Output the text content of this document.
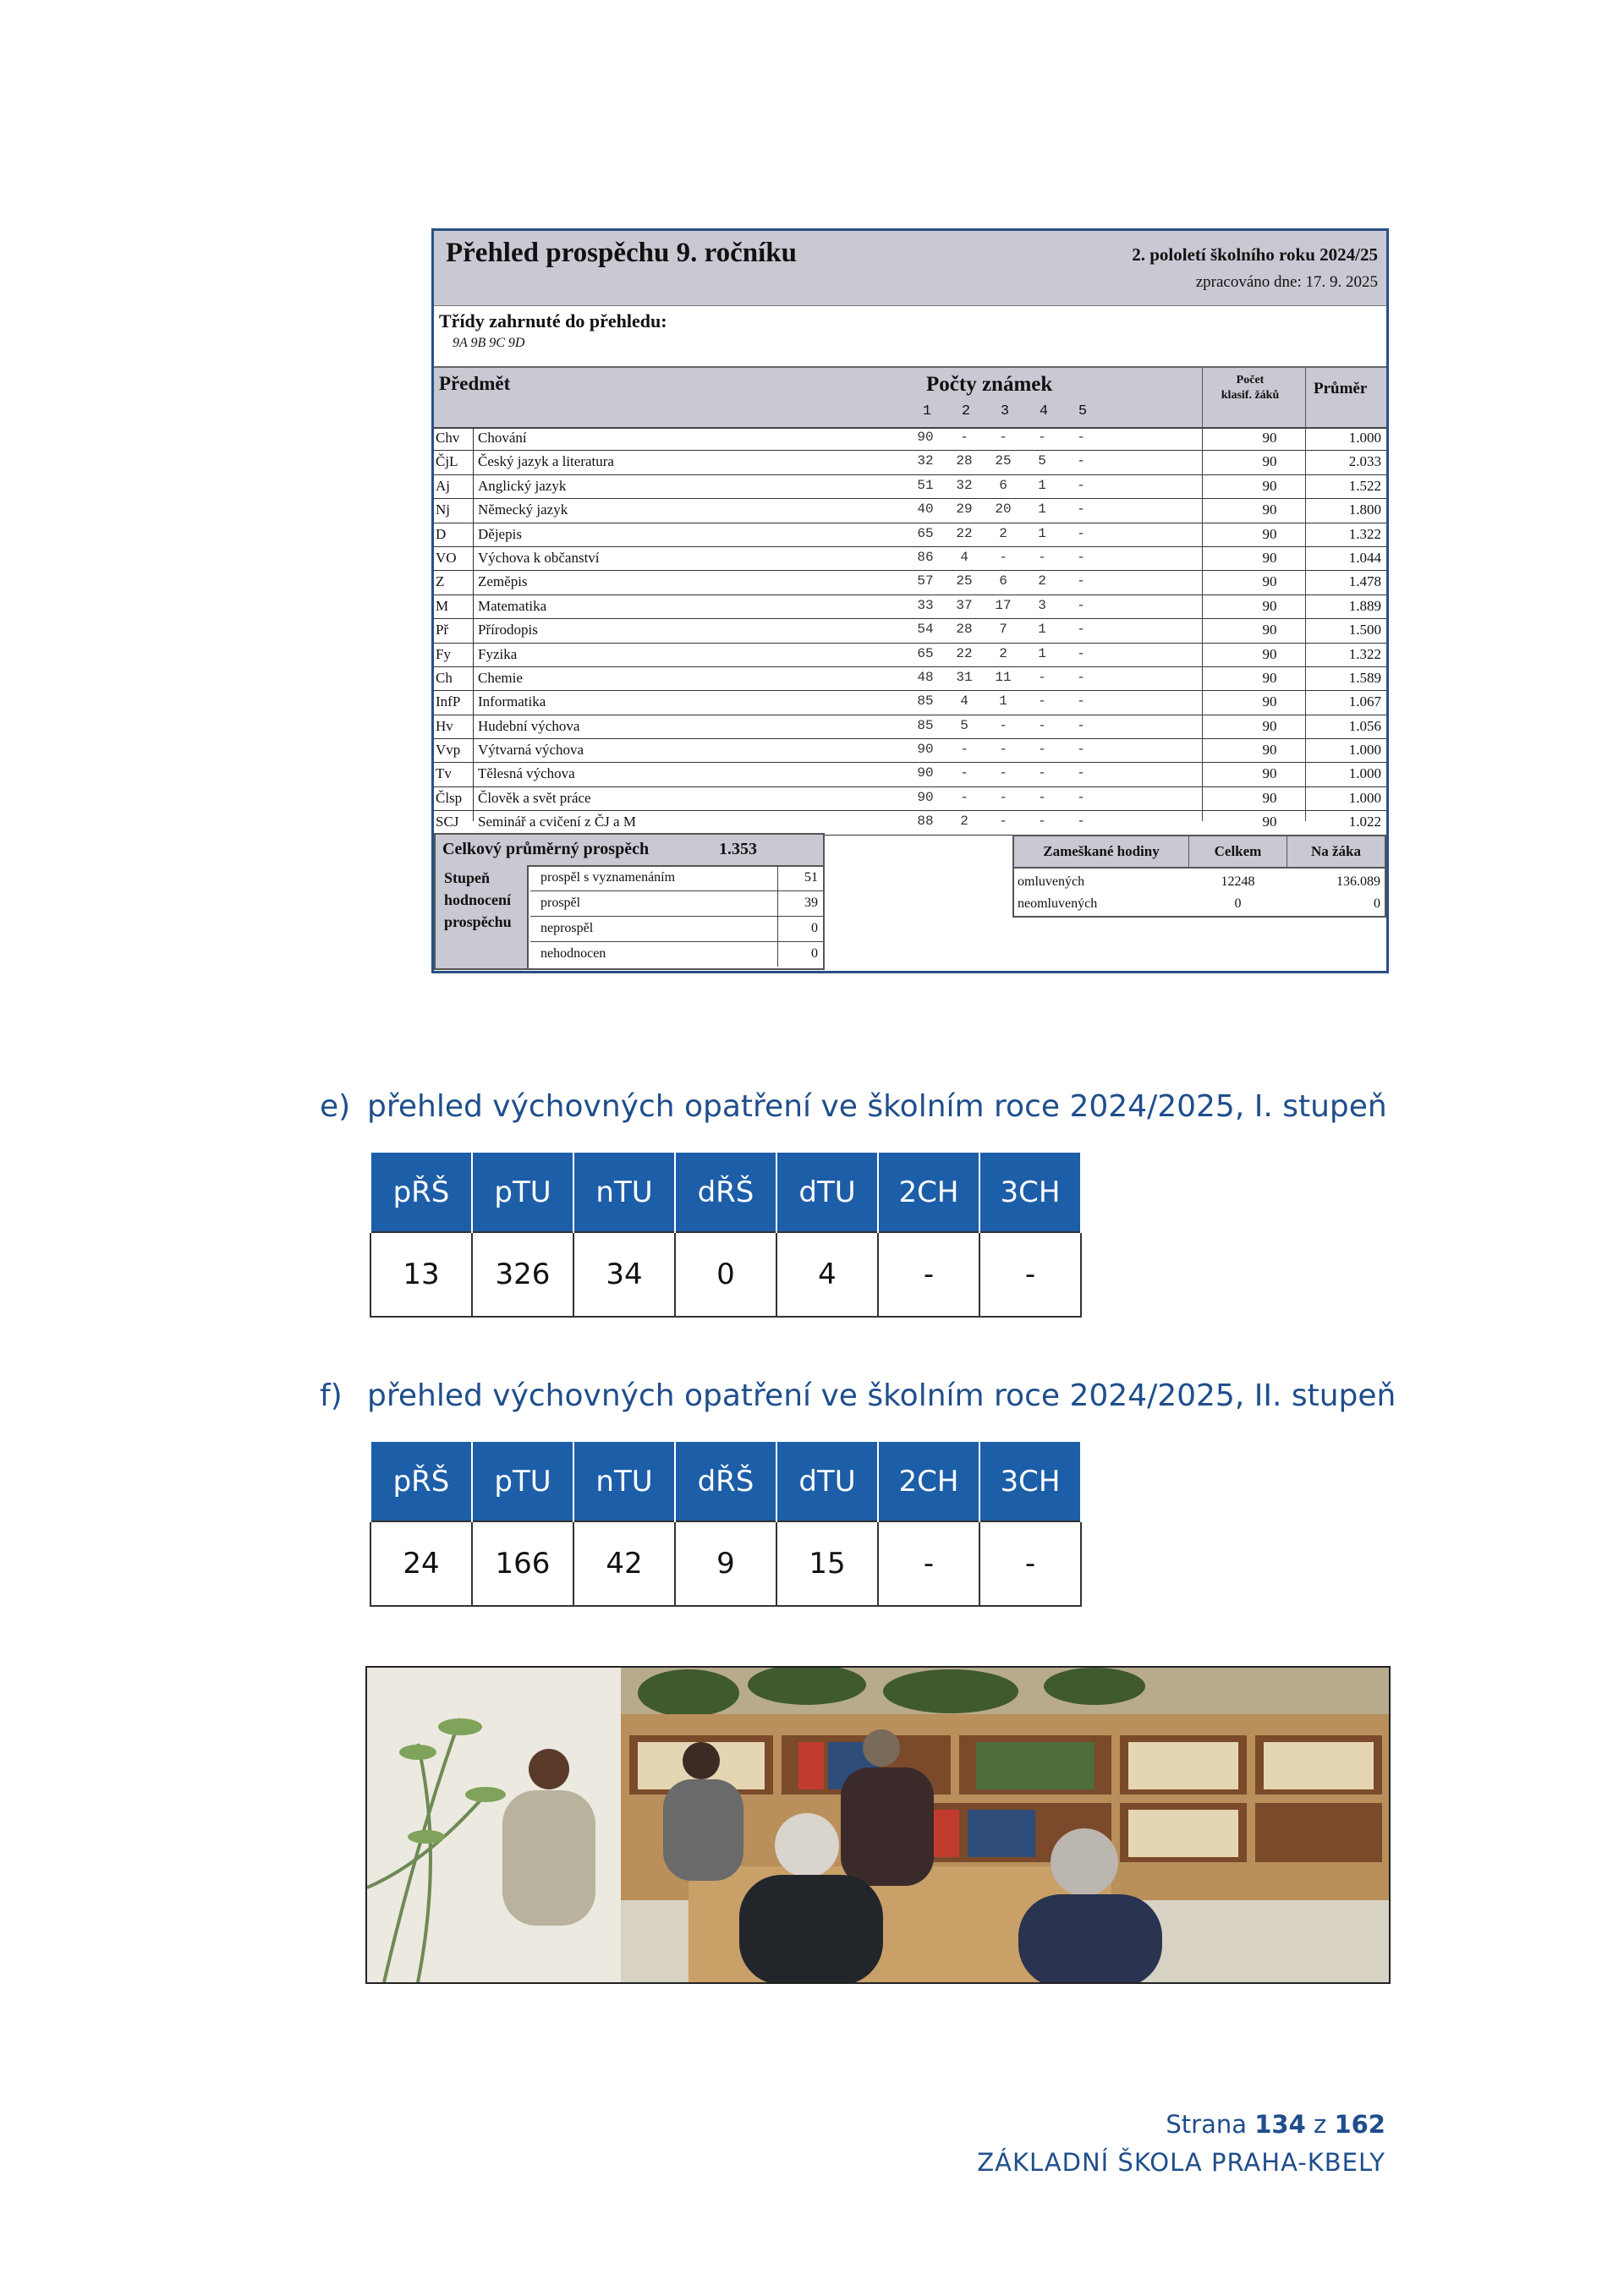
Přehled prospěchu 9. ročníku	2. pololetí školního roku 2024/25
zpracováno dne: 17. 9. 2025
Třídy zahrnuté do přehledu:
9A 9B 9C 9D
Předmět	Počty známek
1	2	3	4	5
Počet
klasif. žáků	Průměr
Chv	Chování	90	-	-	-	-	90	1.000
ČjL	Český jazyk a literatura	32	28	25	5	-	90	2.033
Aj	Anglický jazyk	51	32	6	1	-	90	1.522
Nj	Německý jazyk	40	29	20	1	-	90	1.800
D	Dějepis	65	22	2	1	-	90	1.322
VO	Výchova k občanství	86	4	-	-	-	90	1.044
Z	Zeměpis	57	25	6	2	-	90	1.478
M	Matematika	33	37	17	3	-	90	1.889
Př	Přírodopis	54	28	7	1	-	90	1.500
Fy	Fyzika	65	22	2	1	-	90	1.322
Ch	Chemie	48	31	11	-	-	90	1.589
InfP	Informatika	85	4	1	-	-	90	1.067
Hv	Hudební výchova	85	5	-	-	-	90	1.056
Vvp	Výtvarná výchova	90	-	-	-	-	90	1.000
Tv	Tělesná výchova	90	-	-	-	-	90	1.000
Člsp	Člověk a svět práce	90	-	-	-	-	90	1.000
SCJ	Seminář a cvičení z ČJ a M	88	2	-	-	-	90	1.022
Celkový průměrný prospěch	1.353
Stupeň
hodnocení
prospěchu
prospěl s vyznamenáním	51
prospěl	39
neprospěl	0
nehodnocen	0
Zameškané hodiny	Celkem	Na žáka
omluvených	12248	136.089
neomluvených	0	0
e) přehled výchovných opatření ve školním roce 2024/2025, I. stupeň
pŘŠ	pTU	nTU	dŘŠ	dTU	2CH	3CH
13	326	34	0	4	-	-
f) přehled výchovných opatření ve školním roce 2024/2025, II. stupeň
pŘŠ	pTU	nTU	dŘŠ	dTU	2CH	3CH
24	166	42	9	15	-	-
Strana 134 z 162
ZÁKLADNÍ ŠKOLA PRAHA-KBELY
